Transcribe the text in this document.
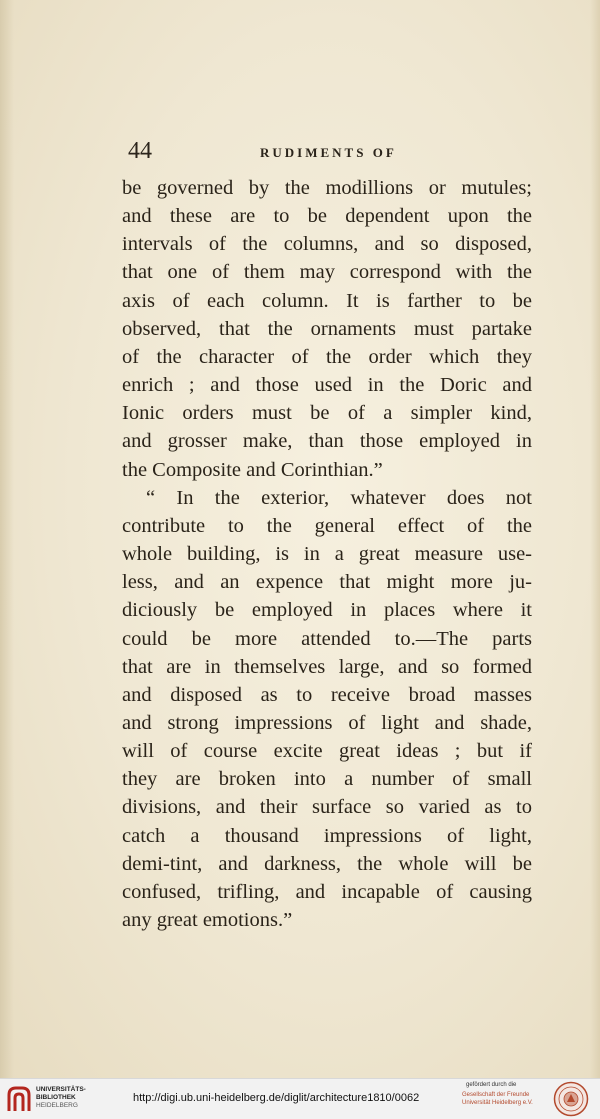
44	RUDIMENTS OF
be governed by the modillions or mutules;
and these are to be dependent upon the
intervals of the columns, and so disposed,
that one of them may correspond with the
axis of each column. It is farther to be
observed, that the ornaments must partake
of the character of the order which they
enrich ; and those used in the Doric and
Ionic orders must be of a simpler kind,
and grosser make, than those employed in
the Composite and Corinthian.”
“ In the exterior, whatever does not
contribute to the general effect of the
whole building, is in a great measure use-
less, and an expence that might more ju-
diciously be employed in places where it
could be more attended to.—The parts
that are in themselves large, and so formed
and disposed as to receive broad masses
and strong impressions of light and shade,
will of course excite great ideas ; but if
they are broken into a number of small
divisions, and their surface so varied as to
catch a thousand impressions of light,
demi-tint, and darkness, the whole will be
confused, trifling, and incapable of causing
any great emotions.”
UNIVERSITÄTS-
BIBLIOTHEK
HEIDELBERG
http://digi.ub.uni-heidelberg.de/diglit/architecture1810/0062
gefördert durch die
Gesellschaft der Freunde
Universität Heidelberg e.V.
